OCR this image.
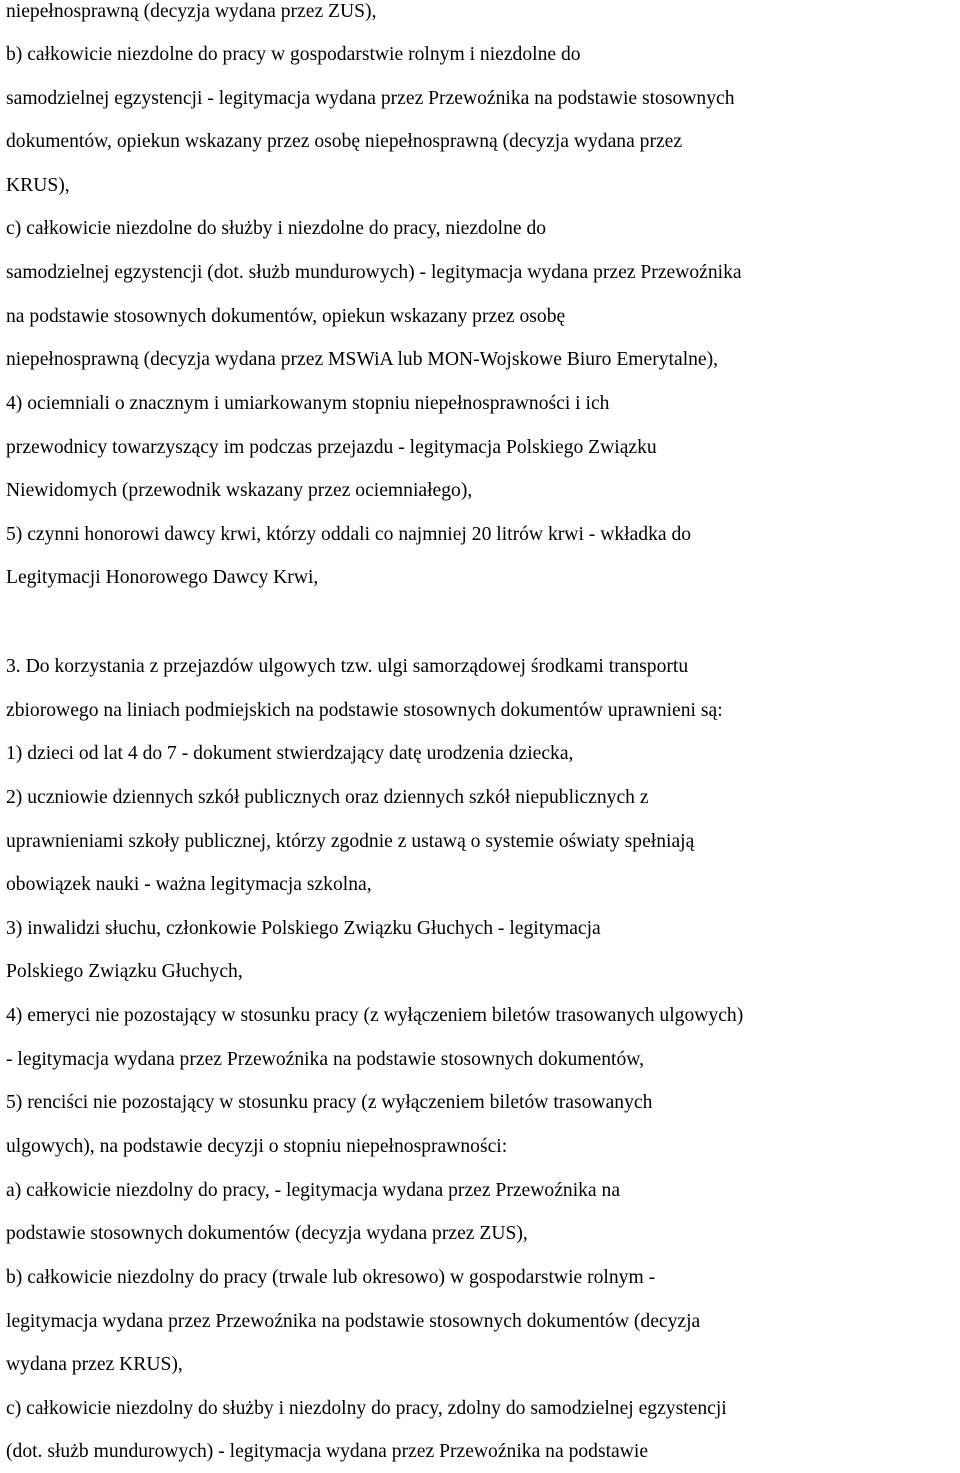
niepełnosprawną (decyzja wydana przez ZUS),
b) całkowicie niezdolne do pracy w gospodarstwie rolnym i niezdolne do
samodzielnej egzystencji - legitymacja wydana przez Przewoźnika na podstawie stosownych
dokumentów, opiekun wskazany przez osobę niepełnosprawną (decyzja wydana przez
KRUS),
c) całkowicie niezdolne do służby i niezdolne do pracy, niezdolne do
samodzielnej egzystencji (dot. służb mundurowych) - legitymacja wydana przez Przewoźnika
na podstawie stosownych dokumentów, opiekun wskazany przez osobę
niepełnosprawną (decyzja wydana przez MSWiA lub MON-Wojskowe Biuro Emerytalne),
4) ociemniali o znacznym i umiarkowanym stopniu niepełnosprawności i ich
przewodnicy towarzyszący im podczas przejazdu - legitymacja Polskiego Związku
Niewidomych (przewodnik wskazany przez ociemniałego),
5) czynni honorowi dawcy krwi, którzy oddali co najmniej 20 litrów krwi - wkładka do
Legitymacji Honorowego Dawcy Krwi,
3. Do korzystania z przejazdów ulgowych tzw. ulgi samorządowej środkami transportu
zbiorowego na liniach podmiejskich na podstawie stosownych dokumentów uprawnieni są:
1) dzieci od lat 4 do 7 - dokument stwierdzający datę urodzenia dziecka,
2) uczniowie dziennych szkół publicznych oraz dziennych szkół niepublicznych z
uprawnieniami szkoły publicznej, którzy zgodnie z ustawą o systemie oświaty spełniają
obowiązek nauki - ważna legitymacja szkolna,
3) inwalidzi słuchu, członkowie Polskiego Związku Głuchych - legitymacja
Polskiego Związku Głuchych,
4) emeryci nie pozostający w stosunku pracy (z wyłączeniem biletów trasowanych ulgowych)
- legitymacja wydana przez Przewoźnika na podstawie stosownych dokumentów,
5) renciści nie pozostający w stosunku pracy (z wyłączeniem biletów trasowanych
ulgowych), na podstawie decyzji o stopniu niepełnosprawności:
a) całkowicie niezdolny do pracy, - legitymacja wydana przez Przewoźnika na
podstawie stosownych dokumentów (decyzja wydana przez ZUS),
b) całkowicie niezdolny do pracy (trwale lub okresowo) w gospodarstwie rolnym -
legitymacja wydana przez Przewoźnika na podstawie stosownych dokumentów (decyzja
wydana przez KRUS),
c) całkowicie niezdolny do służby i niezdolny do pracy, zdolny do samodzielnej egzystencji
(dot. służb mundurowych) - legitymacja wydana przez Przewoźnika na podstawie
